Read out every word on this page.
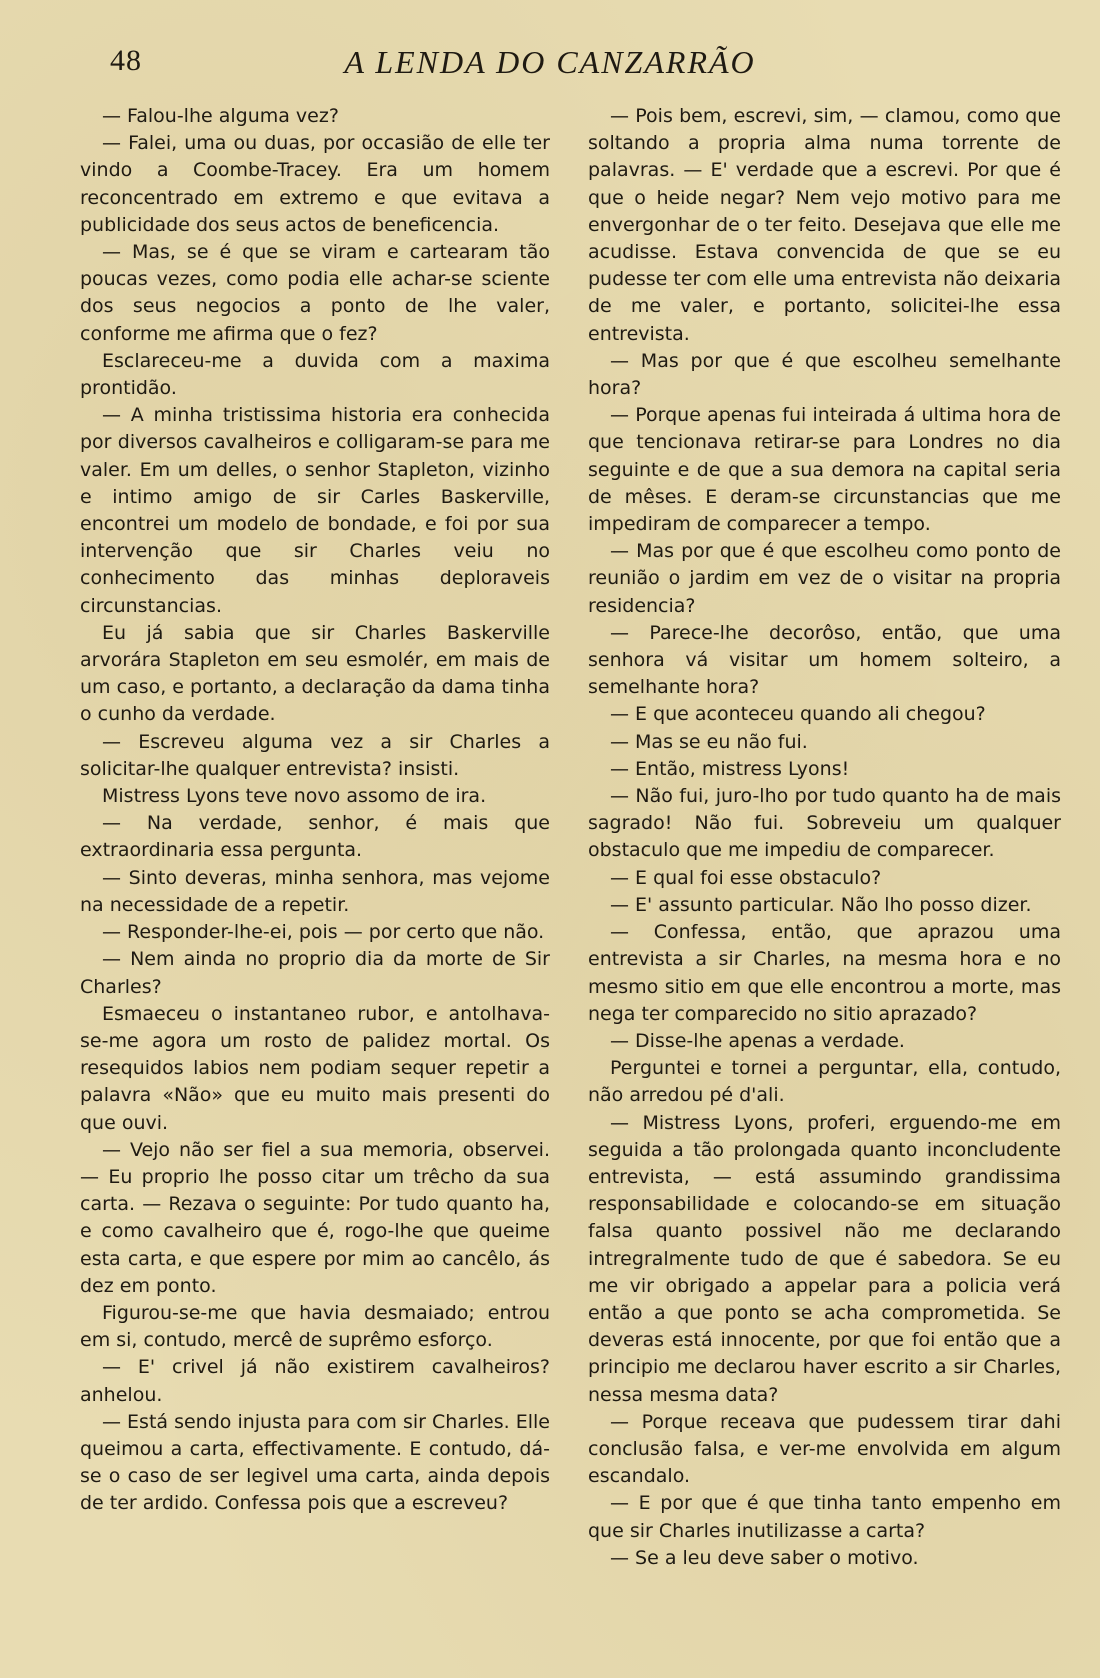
48	A LENDA DO CANZARRÃO

— Falou-lhe alguma vez?

— Falei, uma ou duas, por occasião de elle ter vindo a Coombe-Tracey. Era um homem reconcentrado em extremo e que evitava a publicidade dos seus actos de beneficencia.

— Mas, se é que se viram e cartearam tão poucas vezes, como podia elle achar-se sciente dos seus negocios a ponto de lhe valer, conforme me afirma que o fez?

Esclareceu-me a duvida com a maxima prontidão.

— A minha tristissima historia era conhecida por diversos cavalheiros e colligaram-se para me valer. Em um delles, o senhor Stapleton, vizinho e intimo amigo de sir Carles Baskerville, encontrei um modelo de bondade, e foi por sua intervenção que sir Charles veiu no conhecimento das minhas deploraveis circunstancias.

Eu já sabia que sir Charles Baskerville arvorára Stapleton em seu esmolér, em mais de um caso, e portanto, a declaração da dama tinha o cunho da verdade.

— Escreveu alguma vez a sir Charles a solicitar-lhe qualquer entrevista? insisti.

Mistress Lyons teve novo assomo de ira.

— Na verdade, senhor, é mais que extraordinaria essa pergunta.

— Sinto deveras, minha senhora, mas vejome na necessidade de a repetir.

— Responder-lhe-ei, pois — por certo que não.

— Nem ainda no proprio dia da morte de Sir Charles?

Esmaeceu o instantaneo rubor, e antolhava-se-me agora um rosto de palidez mortal. Os resequidos labios nem podiam sequer repetir a palavra «Não» que eu muito mais presenti do que ouvi.

— Vejo não ser fiel a sua memoria, observei. — Eu proprio lhe posso citar um trêcho da sua carta. — Rezava o seguinte: Por tudo quanto ha, e como cavalheiro que é, rogo-lhe que queime esta carta, e que espere por mim ao cancêlo, ás dez em ponto.

Figurou-se-me que havia desmaiado; entrou em si, contudo, mercê de suprêmo esforço.

— E' crivel já não existirem cavalheiros? anhelou.

— Está sendo injusta para com sir Charles. Elle queimou a carta, effectivamente. E contudo, dá-se o caso de ser legivel uma carta, ainda depois de ter ardido. Confessa pois que a escreveu?

— Pois bem, escrevi, sim, — clamou, como que soltando a propria alma numa torrente de palavras. — E' verdade que a escrevi. Por que é que o heide negar? Nem vejo motivo para me envergonhar de o ter feito. Desejava que elle me acudisse. Estava convencida de que se eu pudesse ter com elle uma entrevista não deixaria de me valer, e portanto, solicitei-lhe essa entrevista.

— Mas por que é que escolheu semelhante hora?

— Porque apenas fui inteirada á ultima hora de que tencionava retirar-se para Londres no dia seguinte e de que a sua demora na capital seria de mêses. E deram-se circunstancias que me impediram de comparecer a tempo.

— Mas por que é que escolheu como ponto de reunião o jardim em vez de o visitar na propria residencia?

— Parece-lhe decorôso, então, que uma senhora vá visitar um homem solteiro, a semelhante hora?

— E que aconteceu quando ali chegou?

— Mas se eu não fui.

— Então, mistress Lyons!

— Não fui, juro-lho por tudo quanto ha de mais sagrado! Não fui. Sobreveiu um qualquer obstaculo que me impediu de comparecer.

— E qual foi esse obstaculo?

— E' assunto particular. Não lho posso dizer.

— Confessa, então, que aprazou uma entrevista a sir Charles, na mesma hora e no mesmo sitio em que elle encontrou a morte, mas nega ter comparecido no sitio aprazado?

— Disse-lhe apenas a verdade.

Perguntei e tornei a perguntar, ella, contudo, não arredou pé d'ali.

— Mistress Lyons, proferi, erguendo-me em seguida a tão prolongada quanto inconcludente entrevista, — está assumindo grandissima responsabilidade e colocando-se em situação falsa quanto possivel não me declarando intregralmente tudo de que é sabedora. Se eu me vir obrigado a appelar para a policia verá então a que ponto se acha comprometida. Se deveras está innocente, por que foi então que a principio me declarou haver escrito a sir Charles, nessa mesma data?

— Porque receava que pudessem tirar dahi conclusão falsa, e ver-me envolvida em algum escandalo.

— E por que é que tinha tanto empenho em que sir Charles inutilizasse a carta?

— Se a leu deve saber o motivo.
